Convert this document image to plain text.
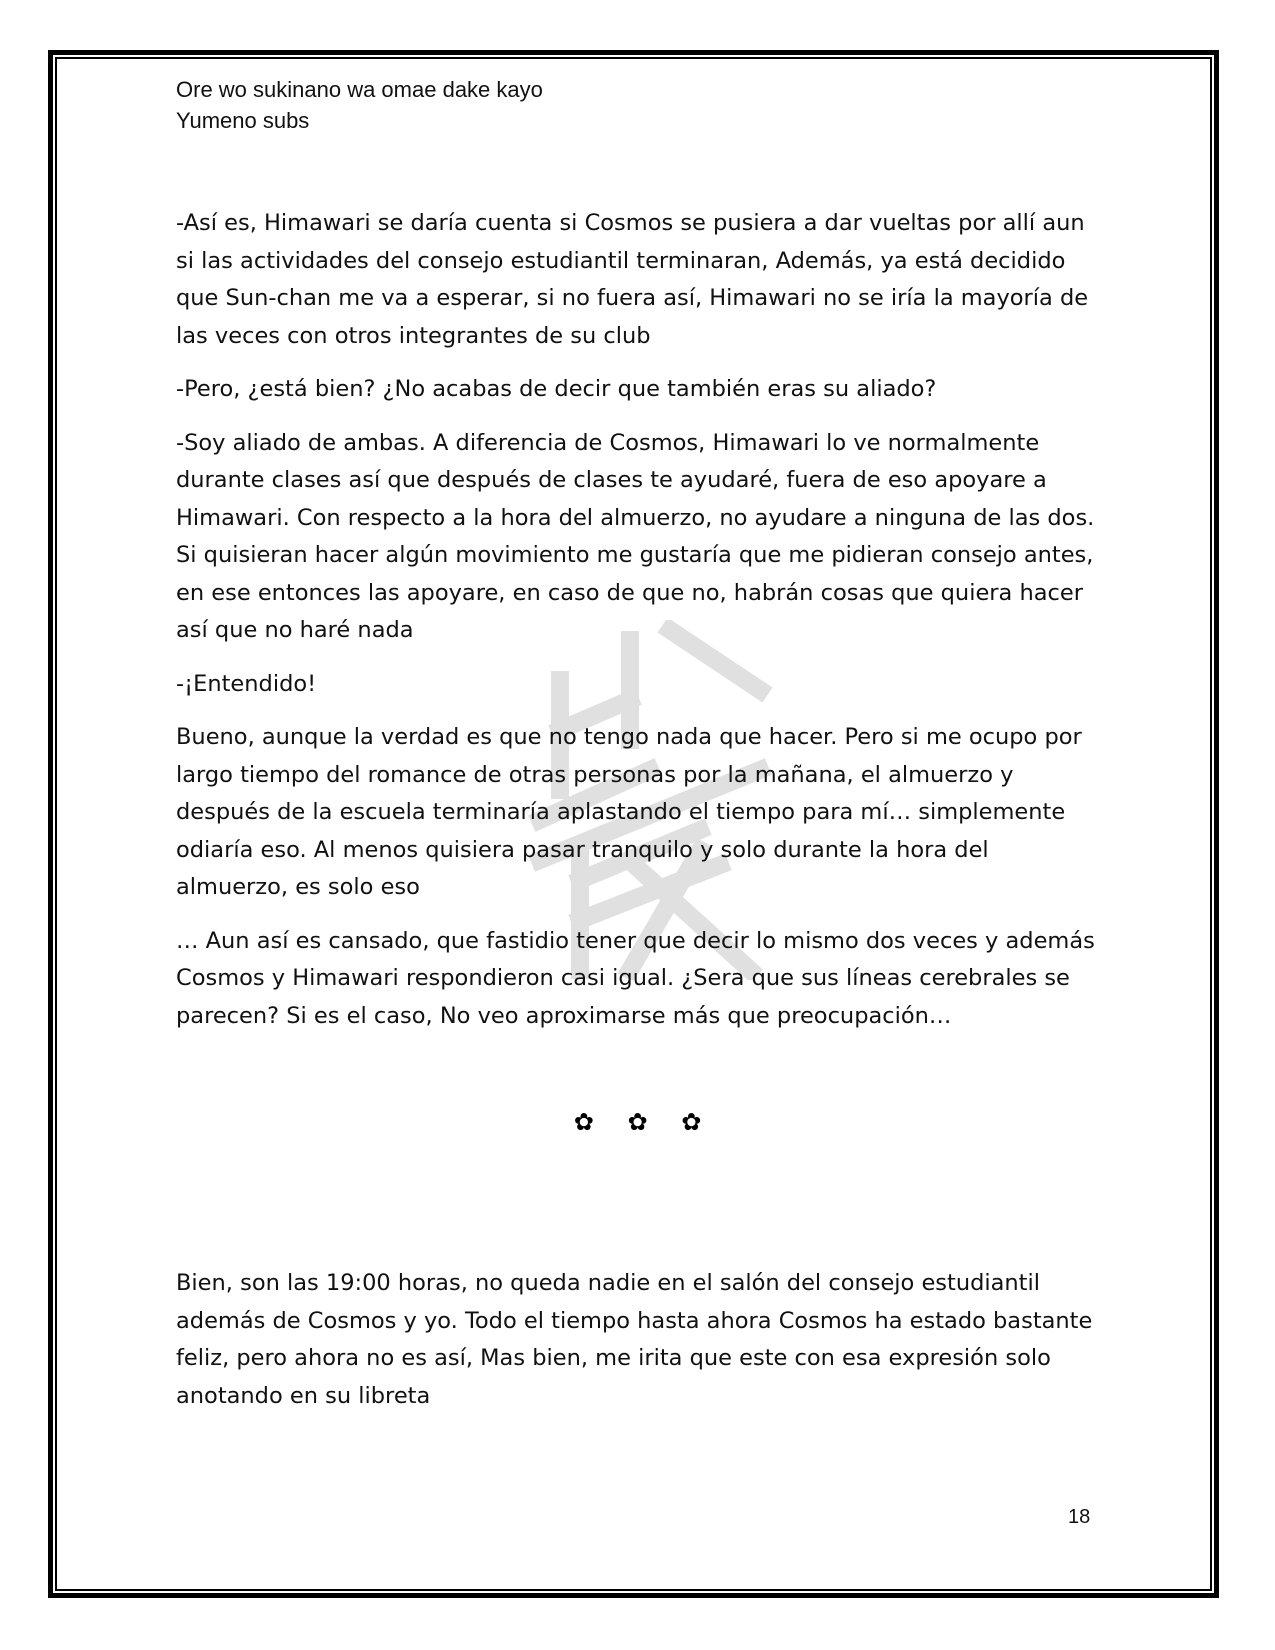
Ore wo sukinano wa omae dake kayo
Yumeno subs

-Así es, Himawari se daría cuenta si Cosmos se pusiera a dar vueltas por allí aun si las actividades del consejo estudiantil terminaran, Además, ya está decidido que Sun-chan me va a esperar, si no fuera así, Himawari no se iría la mayoría de las veces con otros integrantes de su club

-Pero, ¿está bien? ¿No acabas de decir que también eras su aliado?

-Soy aliado de ambas. A diferencia de Cosmos, Himawari lo ve normalmente durante clases así que después de clases te ayudaré, fuera de eso apoyare a Himawari. Con respecto a la hora del almuerzo, no ayudare a ninguna de las dos. Si quisieran hacer algún movimiento me gustaría que me pidieran consejo antes, en ese entonces las apoyare, en caso de que no, habrán cosas que quiera hacer así que no haré nada

-¡Entendido!

Bueno, aunque la verdad es que no tengo nada que hacer. Pero si me ocupo por largo tiempo del romance de otras personas por la mañana, el almuerzo y después de la escuela terminaría aplastando el tiempo para mí… simplemente odiaría eso. Al menos quisiera pasar tranquilo y solo durante la hora del almuerzo, es solo eso

… Aun así es cansado, que fastidio tener que decir lo mismo dos veces y además Cosmos y Himawari respondieron casi igual. ¿Sera que sus líneas cerebrales se parecen? Si es el caso, No veo aproximarse más que preocupación…

✿ ✿ ✿

Bien, son las 19:00 horas, no queda nadie en el salón del consejo estudiantil además de Cosmos y yo. Todo el tiempo hasta ahora Cosmos ha estado bastante feliz, pero ahora no es así, Mas bien, me irita que este con esa expresión solo anotando en su libreta

18
